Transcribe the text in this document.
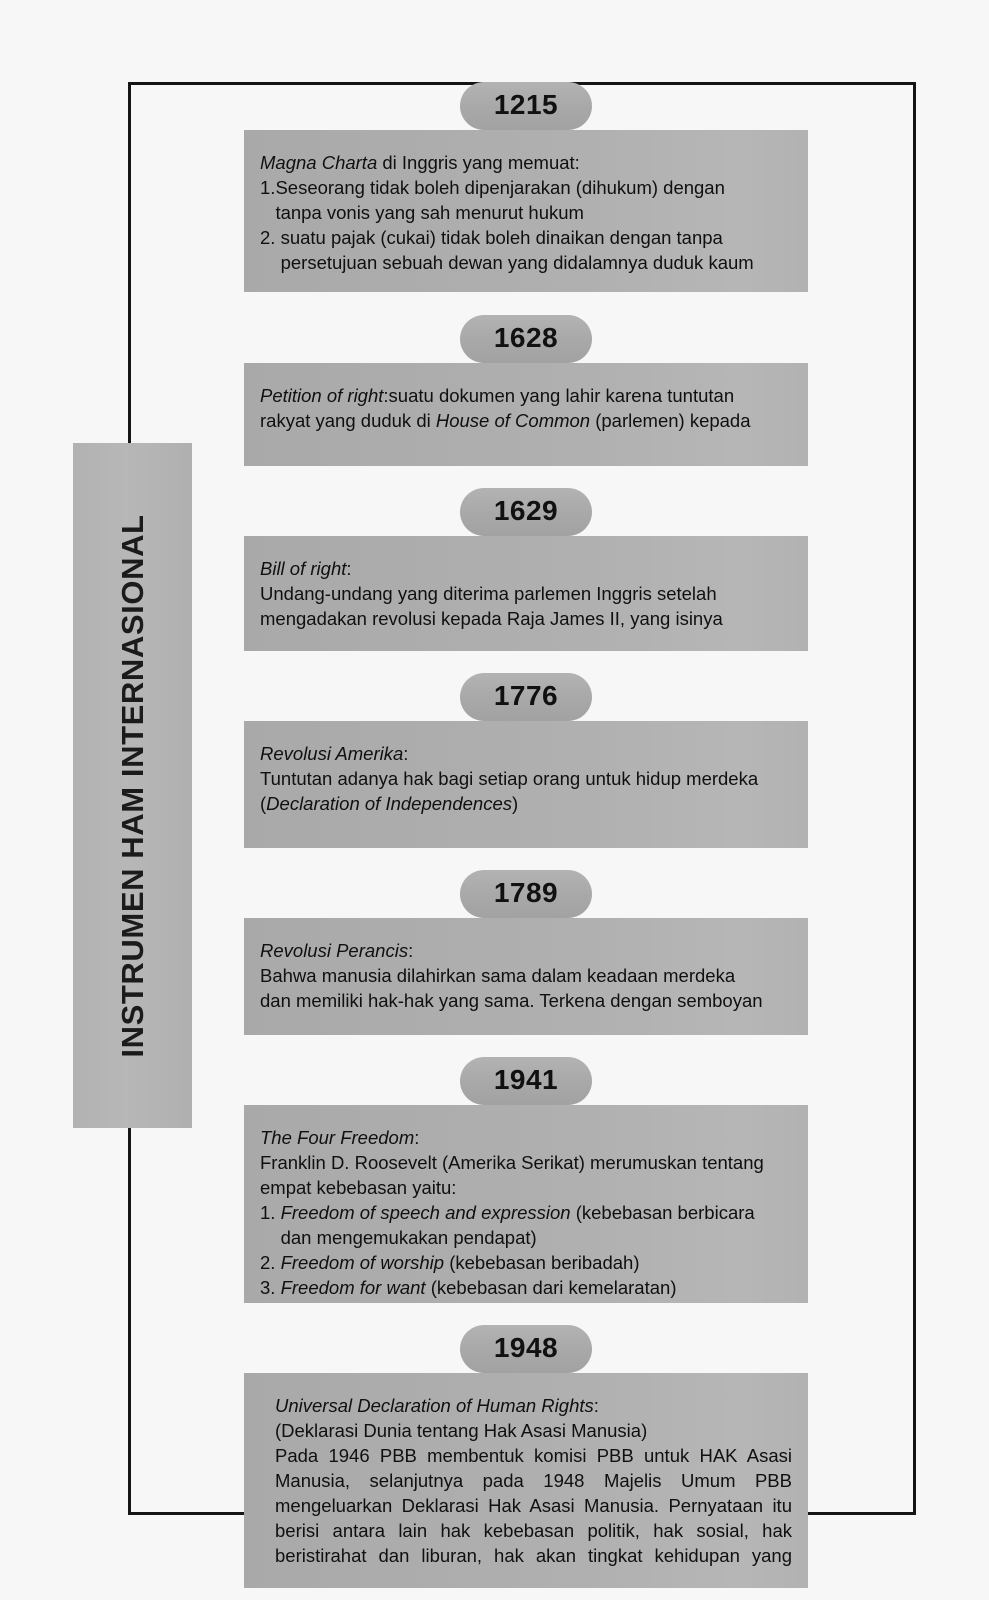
INSTRUMEN HAM INTERNASIONAL
1215

Magna Charta di Inggris yang memuat:

1. Seseorang tidak boleh dipenjarakan (dihukum) dengan
tanpa vonis yang sah menurut hukum
2. suatu pajak (cukai) tidak boleh dinaikan dengan tanpa
persetujuan sebuah dewan yang didalamnya duduk kaum
1628

Petition of right:suatu dokumen yang lahir karena tuntutan

rakyat yang duduk di House of Common (parlemen) kepada

1629

Bill of right:

Undang-undang yang diterima parlemen Inggris setelah

mengadakan revolusi kepada Raja James II, yang isinya

1776

Revolusi Amerika:

Tuntutan adanya hak bagi setiap orang untuk hidup merdeka

(Declaration of Independences)

1789

Revolusi Perancis:

Bahwa manusia dilahirkan sama dalam keadaan merdeka

dan memiliki hak-hak yang sama. Terkena dengan semboyan

1941

The Four Freedom:

Franklin D. Roosevelt (Amerika Serikat) merumuskan tentang

empat kebebasan yaitu:

1. Freedom of speech and expression (kebebasan berbicara
dan mengemukakan pendapat)
2. Freedom of worship (kebebasan beribadah)
3. Freedom for want (kebebasan dari kemelaratan)
1948

Universal Declaration of Human Rights:

(Deklarasi Dunia tentang Hak Asasi Manusia)

Pada 1946 PBB membentuk komisi PBB untuk HAK Asasi

Manusia, selanjutnya pada 1948 Majelis Umum PBB

mengeluarkan Deklarasi Hak Asasi Manusia. Pernyataan itu

berisi antara lain hak kebebasan politik, hak sosial, hak

beristirahat dan liburan, hak akan tingkat kehidupan yang
